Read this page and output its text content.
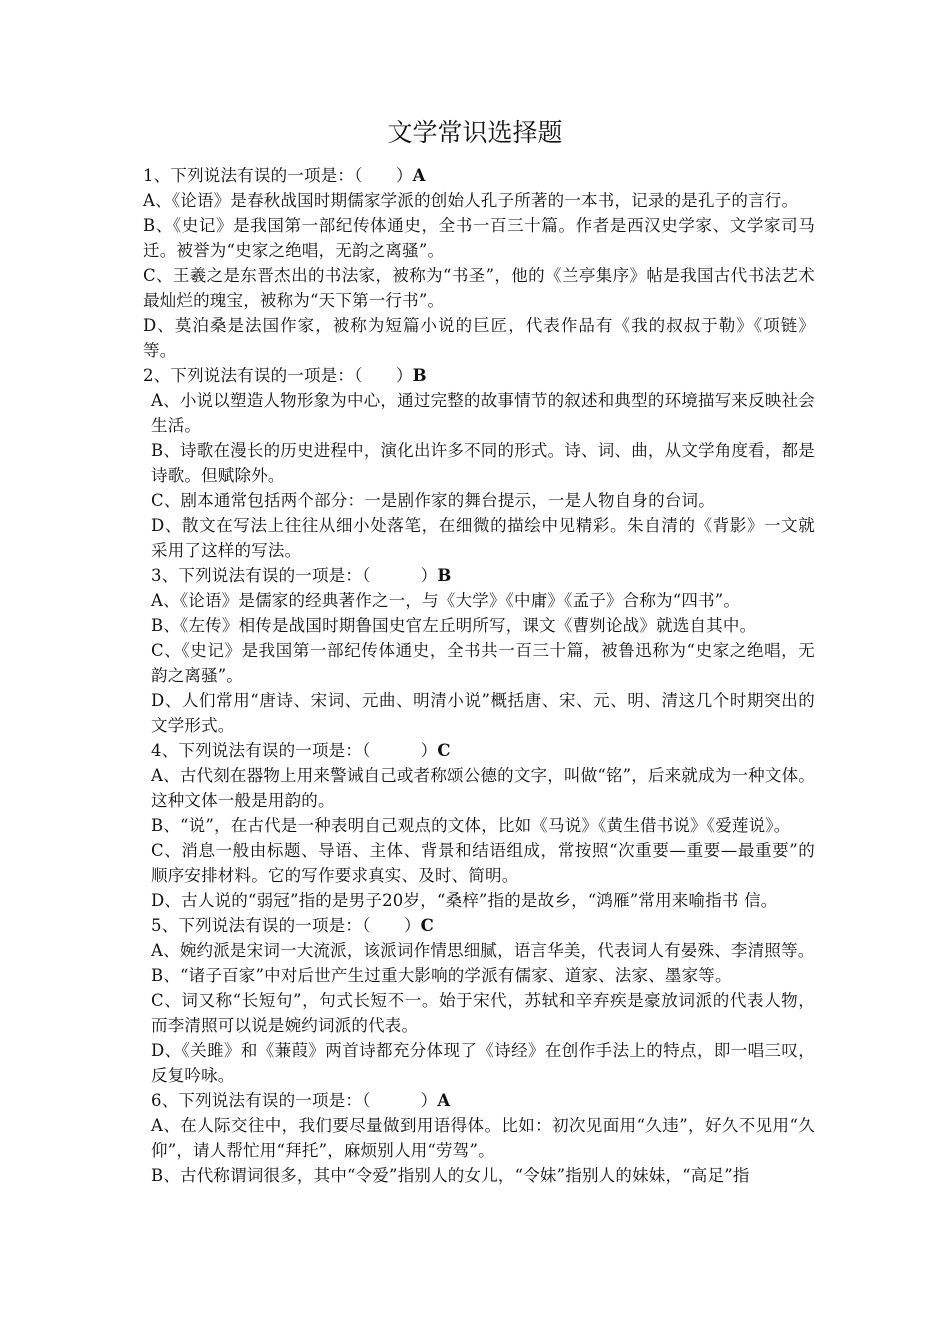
文学常识选择题
1、下列说法有误的一项是：（　　）A
A、《论语》是春秋战国时期儒家学派的创始人孔子所著的一本书，记录的是孔子的言行。
B、《史记》是我国第一部纪传体通史，全书一百三十篇。作者是西汉史学家、文学家司马迁。被誉为“史家之绝唱，无韵之离骚”。
C、王羲之是东晋杰出的书法家，被称为“书圣”，他的《兰亭集序》帖是我国古代书法艺术最灿烂的瑰宝，被称为“天下第一行书”。
D、莫泊桑是法国作家，被称为短篇小说的巨匠，代表作品有《我的叔叔于勒》《项链》等。
2、下列说法有误的一项是：（　　）B
A、小说以塑造人物形象为中心，通过完整的故事情节的叙述和典型的环境描写来反映社会生活。
B、诗歌在漫长的历史进程中，演化出许多不同的形式。诗、词、曲，从文学角度看，都是诗歌。但赋除外。
C、剧本通常包括两个部分：一是剧作家的舞台提示，一是人物自身的台词。
D、散文在写法上往往从细小处落笔，在细微的描绘中见精彩。朱自清的《背影》一文就采用了这样的写法。
3、下列说法有误的一项是：（　　　）B
A、《论语》是儒家的经典著作之一，与《大学》《中庸》《孟子》合称为“四书”。
B、《左传》相传是战国时期鲁国史官左丘明所写，课文《曹刿论战》就选自其中。
C、《史记》是我国第一部纪传体通史，全书共一百三十篇，被鲁迅称为“史家之绝唱，无韵之离骚”。
D、人们常用“唐诗、宋词、元曲、明清小说”概括唐、宋、元、明、清这几个时期突出的文学形式。
4、下列说法有误的一项是：（　　　）C
A、古代刻在器物上用来警诫自己或者称颂公德的文字，叫做“铭”，后来就成为一种文体。这种文体一般是用韵的。
B、“说”，在古代是一种表明自己观点的文体，比如《马说》《黄生借书说》《爱莲说》。
C、消息一般由标题、导语、主体、背景和结语组成，常按照“次重要—重要—最重要”的顺序安排材料。它的写作要求真实、及时、简明。
D、古人说的“弱冠”指的是男子20岁，“桑梓”指的是故乡，“鸿雁”常用来喻指书 信。
5、下列说法有误的一项是：（　　）C
A、婉约派是宋词一大流派，该派词作情思细腻，语言华美，代表词人有晏殊、李清照等。
B、“诸子百家”中对后世产生过重大影响的学派有儒家、道家、法家、墨家等。
C、词又称“长短句”，句式长短不一。始于宋代，苏轼和辛弃疾是豪放词派的代表人物，而李清照可以说是婉约词派的代表。
D、《关雎》和《蒹葭》两首诗都充分体现了《诗经》在创作手法上的特点，即一唱三叹，反复吟咏。
6、下列说法有误的一项是：（　　　）A
A、在人际交往中，我们要尽量做到用语得体。比如：初次见面用“久违”，好久不见用“久仰”，请人帮忙用“拜托”，麻烦别人用“劳驾”。
B、古代称谓词很多，其中“令爱”指别人的女儿，“令妹”指别人的妹妹，“高足”指
